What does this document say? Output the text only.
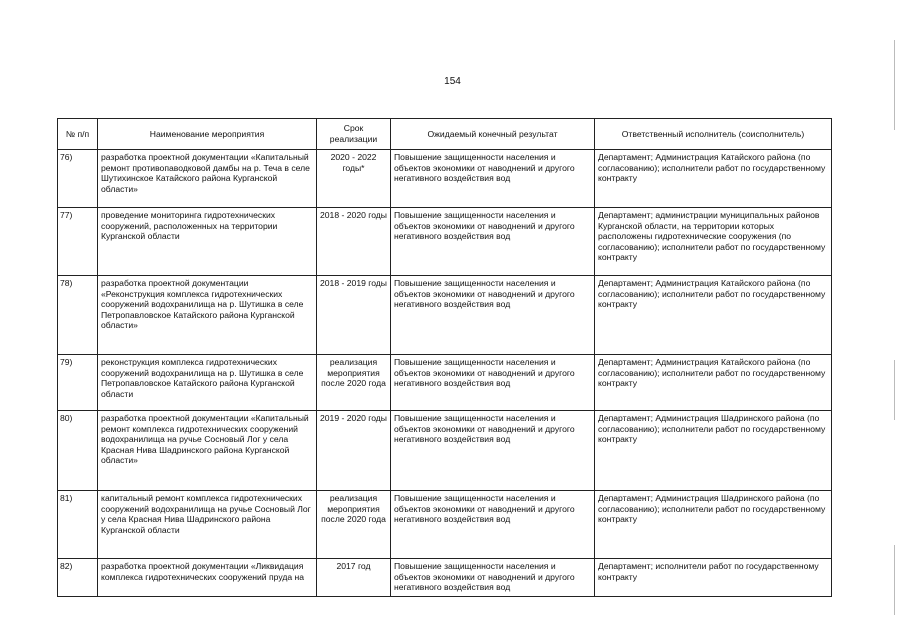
154
№ п/п	Наименование мероприятия	Срок реализации	Ожидаемый конечный результат	Ответственный исполнитель (соисполнитель)
76)	разработка проектной документации «Капитальный ремонт противопаводковой дамбы на р. Теча в селе Шутихинское Катайского района Курганской области»	2020 - 2022 годы*	Повышение защищенности населения и объектов экономики от наводнений и другого негативного воздействия вод	Департамент; Администрация Катайского района (по согласованию); исполнители работ по государственному контракту
77)	проведение мониторинга гидротехнических сооружений, расположенных на территории Курганской области	2018 - 2020 годы	Повышение защищенности населения и объектов экономики от наводнений и другого негативного воздействия вод	Департамент; администрации муниципальных районов Курганской области, на территории которых расположены гидротехнические сооружения (по согласованию); исполнители работ по государственному контракту
78)	разработка проектной документации «Реконструкция комплекса гидротехнических сооружений водохранилища на р. Шутишка в селе Петропавловское Катайского района Курганской области»	2018 - 2019 годы	Повышение защищенности населения и объектов экономики от наводнений и другого негативного воздействия вод	Департамент; Администрация Катайского района (по согласованию); исполнители работ по государственному контракту
79)	реконструкция комплекса гидротехнических сооружений водохранилища на р. Шутишка в селе Петропавловское Катайского района Курганской области	реализация мероприятия после 2020 года	Повышение защищенности населения и объектов экономики от наводнений и другого негативного воздействия вод	Департамент; Администрация Катайского района (по согласованию); исполнители работ по государственному контракту
80)	разработка проектной документации «Капитальный ремонт комплекса гидротехнических сооружений водохранилища на ручье Сосновый Лог у села Красная Нива Шадринского района Курганской области»	2019 - 2020 годы	Повышение защищенности населения и объектов экономики от наводнений и другого негативного воздействия вод	Департамент; Администрация Шадринского района (по согласованию); исполнители работ по государственному контракту
81)	капитальный ремонт комплекса гидротехнических сооружений водохранилища на ручье Сосновый Лог у села Красная Нива Шадринского района Курганской области	реализация мероприятия после 2020 года	Повышение защищенности населения и объектов экономики от наводнений и другого негативного воздействия вод	Департамент; Администрация Шадринского района (по согласованию); исполнители работ по государственному контракту
82)	разработка проектной документации «Ликвидация комплекса гидротехнических сооружений пруда на	2017 год	Повышение защищенности населения и объектов экономики от наводнений и другого негативного воздействия вод	Департамент; исполнители работ по государственному контракту
